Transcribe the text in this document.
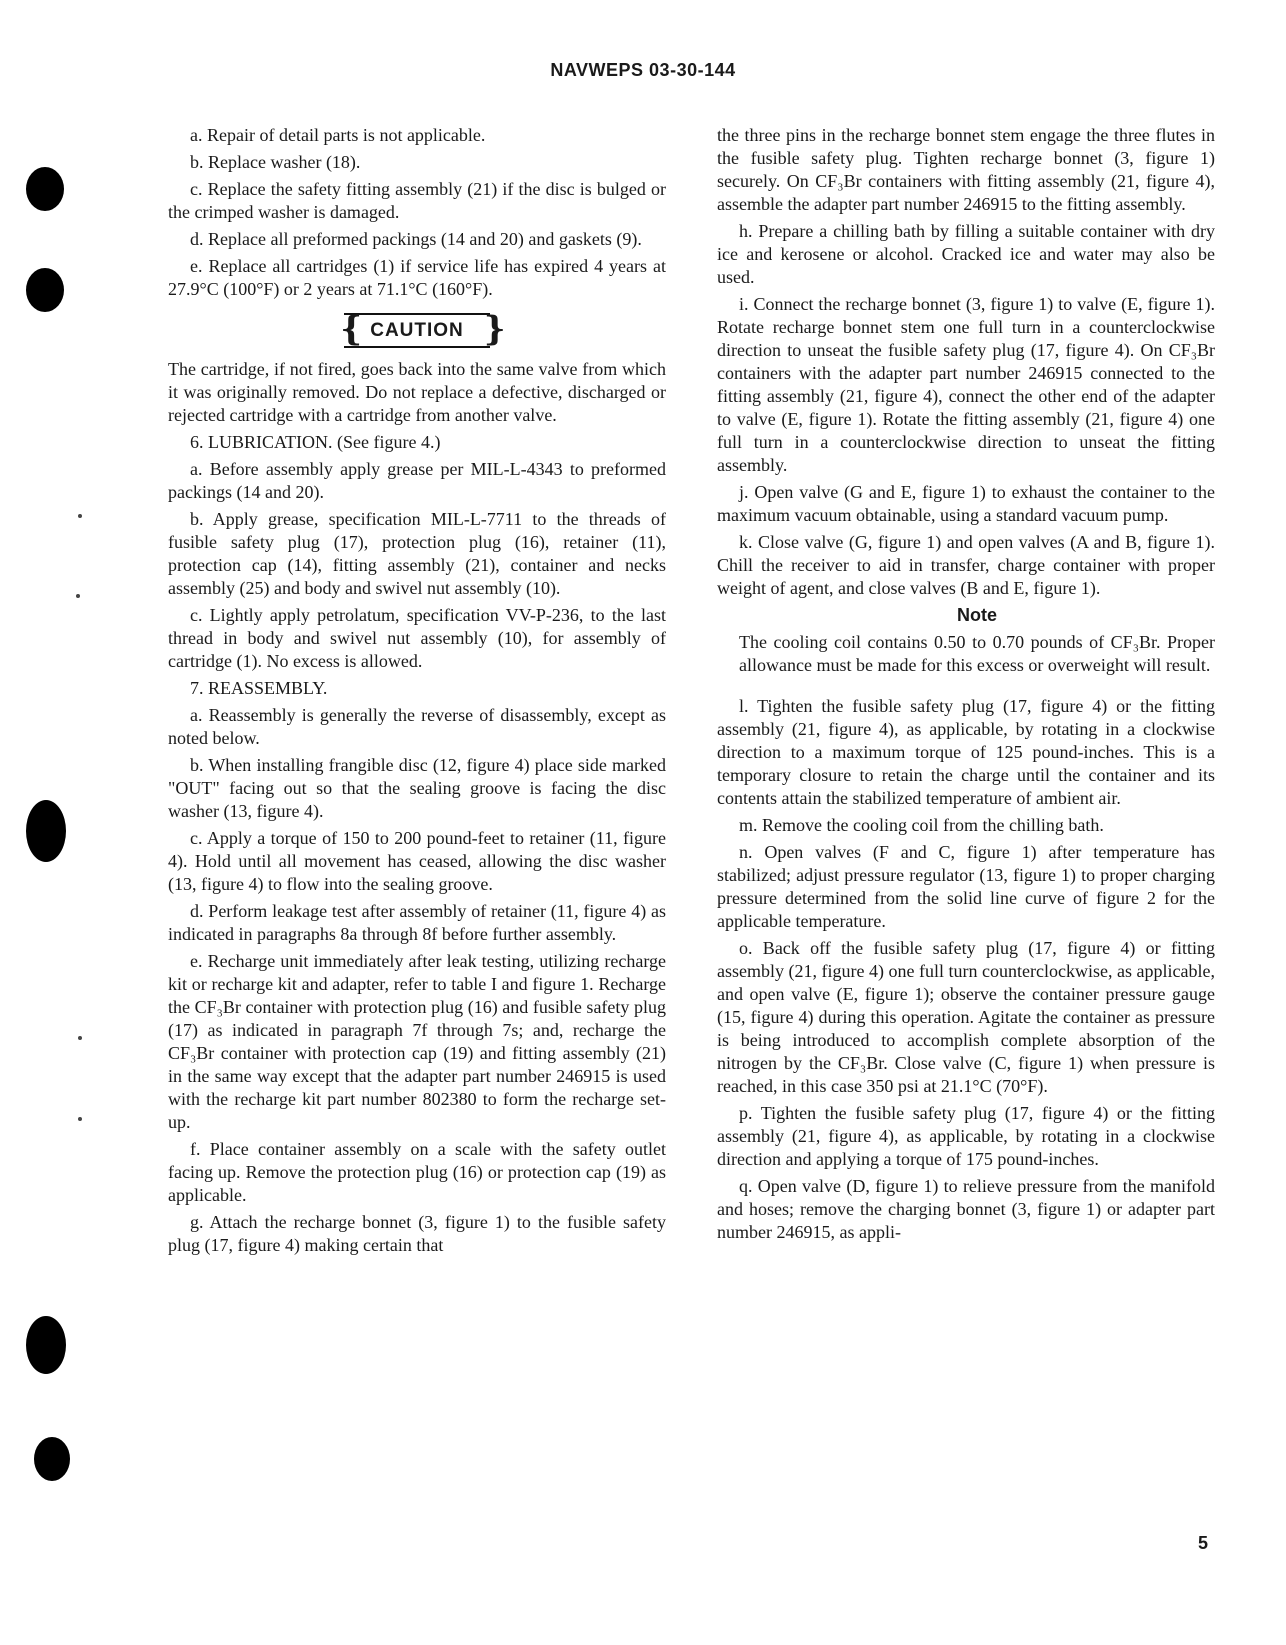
NAVWEPS 03-30-144

a. Repair of detail parts is not applicable.

b. Replace washer (18).

c. Replace the safety fitting assembly (21) if the disc is bulged or the crimped washer is damaged.

d. Replace all preformed packings (14 and 20) and gaskets (9).

e. Replace all cartridges (1) if service life has expired 4 years at 27.9°C (100°F) or 2 years at 71.1°C (160°F).

{ CAUTION }

The cartridge, if not fired, goes back into the same valve from which it was originally removed. Do not replace a defective, discharged or rejected cartridge with a cartridge from another valve.

6. LUBRICATION. (See figure 4.)

a. Before assembly apply grease per MIL-L-4343 to preformed packings (14 and 20).

b. Apply grease, specification MIL-L-7711 to the threads of fusible safety plug (17), protection plug (16), retainer (11), protection cap (14), fitting assembly (21), container and necks assembly (25) and body and swivel nut assembly (10).

c. Lightly apply petrolatum, specification VV-P-236, to the last thread in body and swivel nut assembly (10), for assembly of cartridge (1). No excess is allowed.

7. REASSEMBLY.

a. Reassembly is generally the reverse of disassembly, except as noted below.

b. When installing frangible disc (12, figure 4) place side marked "OUT" facing out so that the sealing groove is facing the disc washer (13, figure 4).

c. Apply a torque of 150 to 200 pound-feet to retainer (11, figure 4). Hold until all movement has ceased, allowing the disc washer (13, figure 4) to flow into the sealing groove.

d. Perform leakage test after assembly of retainer (11, figure 4) as indicated in paragraphs 8a through 8f before further assembly.

e. Recharge unit immediately after leak testing, utilizing recharge kit or recharge kit and adapter, refer to table I and figure 1. Recharge the CF₃Br container with protection plug (16) and fusible safety plug (17) as indicated in paragraph 7f through 7s; and, recharge the CF₃Br container with protection cap (19) and fitting assembly (21) in the same way except that the adapter part number 246915 is used with the recharge kit part number 802380 to form the recharge set-up.

f. Place container assembly on a scale with the safety outlet facing up. Remove the protection plug (16) or protection cap (19) as applicable.

g. Attach the recharge bonnet (3, figure 1) to the fusible safety plug (17, figure 4) making certain that

the three pins in the recharge bonnet stem engage the three flutes in the fusible safety plug. Tighten recharge bonnet (3, figure 1) securely. On CF₃Br containers with fitting assembly (21, figure 4), assemble the adapter part number 246915 to the fitting assembly.

h. Prepare a chilling bath by filling a suitable container with dry ice and kerosene or alcohol. Cracked ice and water may also be used.

i. Connect the recharge bonnet (3, figure 1) to valve (E, figure 1). Rotate recharge bonnet stem one full turn in a counterclockwise direction to unseat the fusible safety plug (17, figure 4). On CF₃Br containers with the adapter part number 246915 connected to the fitting assembly (21, figure 4), connect the other end of the adapter to valve (E, figure 1). Rotate the fitting assembly (21, figure 4) one full turn in a counterclockwise direction to unseat the fitting assembly.

j. Open valve (G and E, figure 1) to exhaust the container to the maximum vacuum obtainable, using a standard vacuum pump.

k. Close valve (G, figure 1) and open valves (A and B, figure 1). Chill the receiver to aid in transfer, charge container with proper weight of agent, and close valves (B and E, figure 1).

Note

The cooling coil contains 0.50 to 0.70 pounds of CF₃Br. Proper allowance must be made for this excess or overweight will result.

l. Tighten the fusible safety plug (17, figure 4) or the fitting assembly (21, figure 4), as applicable, by rotating in a clockwise direction to a maximum torque of 125 pound-inches. This is a temporary closure to retain the charge until the container and its contents attain the stabilized temperature of ambient air.

m. Remove the cooling coil from the chilling bath.

n. Open valves (F and C, figure 1) after temperature has stabilized; adjust pressure regulator (13, figure 1) to proper charging pressure determined from the solid line curve of figure 2 for the applicable temperature.

o. Back off the fusible safety plug (17, figure 4) or fitting assembly (21, figure 4) one full turn counterclockwise, as applicable, and open valve (E, figure 1); observe the container pressure gauge (15, figure 4) during this operation. Agitate the container as pressure is being introduced to accomplish complete absorption of the nitrogen by the CF₃Br. Close valve (C, figure 1) when pressure is reached, in this case 350 psi at 21.1°C (70°F).

p. Tighten the fusible safety plug (17, figure 4) or the fitting assembly (21, figure 4), as applicable, by rotating in a clockwise direction and applying a torque of 175 pound-inches.

q. Open valve (D, figure 1) to relieve pressure from the manifold and hoses; remove the charging bonnet (3, figure 1) or adapter part number 246915, as appli-

5
